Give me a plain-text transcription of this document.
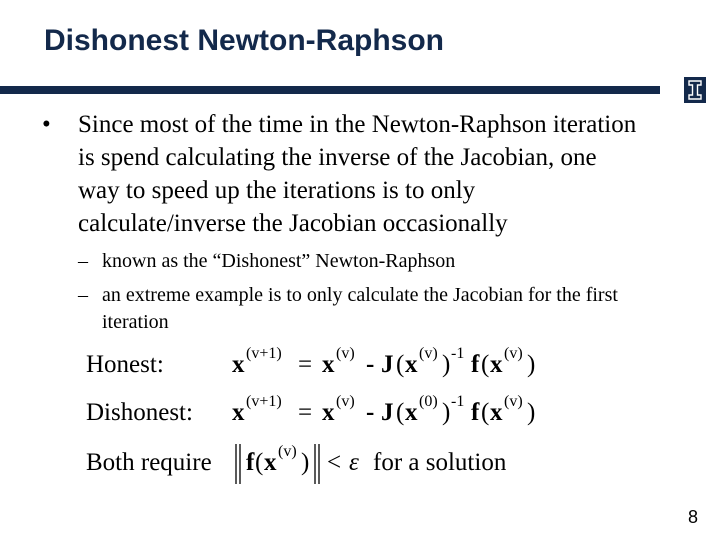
Dishonest Newton-Raphson
• Since most of the time in the Newton-Raphson iteration is spend calculating the inverse of the Jacobian, one way to speed up the iterations is to only calculate/inverse the Jacobian occasionally
– known as the “Dishonest” Newton-Raphson
– an extreme example is to only calculate the Jacobian for the first iteration
Honest:	x (v+1) = x (v) - J ( x (v) ) -1 f ( x (v) )
Dishonest: x (v+1) = x (v) - J ( x (0) ) -1 f ( x (v) )
Both require f ( x (v) ) < ε for a solution
8
